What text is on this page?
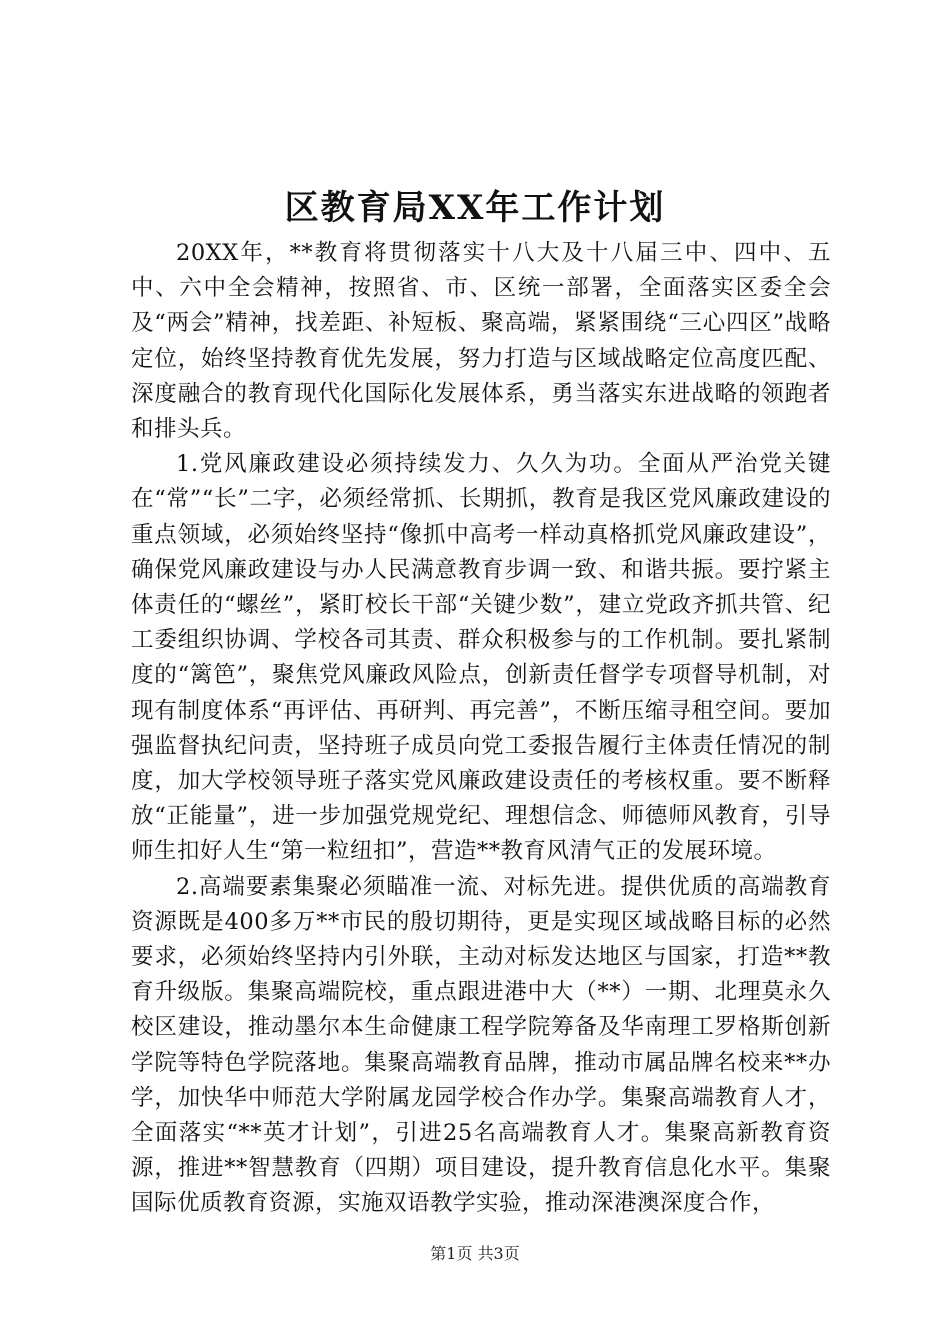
区教育局XX年工作计划

20XX年，**教育将贯彻落实十八大及十八届三中、四中、五中、六中全会精神，按照省、市、区统一部署，全面落实区委全会及“两会”精神，找差距、补短板、聚高端，紧紧围绕“三心四区”战略定位，始终坚持教育优先发展，努力打造与区域战略定位高度匹配、深度融合的教育现代化国际化发展体系，勇当落实东进战略的领跑者和排头兵。

1.党风廉政建设必须持续发力、久久为功。全面从严治党关键在“常”“长”二字，必须经常抓、长期抓，教育是我区党风廉政建设的重点领域，必须始终坚持“像抓中高考一样动真格抓党风廉政建设”，确保党风廉政建设与办人民满意教育步调一致、和谐共振。要拧紧主体责任的“螺丝”，紧盯校长干部“关键少数”，建立党政齐抓共管、纪工委组织协调、学校各司其责、群众积极参与的工作机制。要扎紧制度的“篱笆”，聚焦党风廉政风险点，创新责任督学专项督导机制，对现有制度体系“再评估、再研判、再完善”，不断压缩寻租空间。要加强监督执纪问责，坚持班子成员向党工委报告履行主体责任情况的制度，加大学校领导班子落实党风廉政建设责任的考核权重。要不断释放“正能量”，进一步加强党规党纪、理想信念、师德师风教育，引导师生扣好人生“第一粒纽扣”，营造**教育风清气正的发展环境。

2.高端要素集聚必须瞄准一流、对标先进。提供优质的高端教育资源既是400多万**市民的殷切期待，更是实现区域战略目标的必然要求，必须始终坚持内引外联，主动对标发达地区与国家，打造**教育升级版。集聚高端院校，重点跟进港中大（**）一期、北理莫永久校区建设，推动墨尔本生命健康工程学院筹备及华南理工罗格斯创新学院等特色学院落地。集聚高端教育品牌，推动市属品牌名校来**办学，加快华中师范大学附属龙园学校合作办学。集聚高端教育人才，全面落实“**英才计划”，引进25名高端教育人才。集聚高新教育资源，推进**智慧教育（四期）项目建设，提升教育信息化水平。集聚国际优质教育资源，实施双语教学实验，推动深港澳深度合作，

第1页 共3页
